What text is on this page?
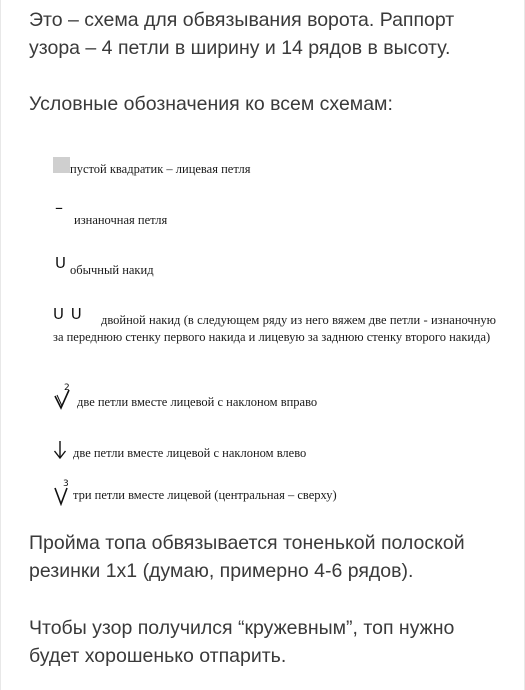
Это – схема для обвязывания ворота. Раппорт
узора – 4 петли в ширину и 14 рядов в высоту.
Условные обозначения ко всем схемам:
пустой квадратик – лицевая петля
–
изнаночная петля
U обычный накид
U U	двойной накид (в следующем ряду из него вяжем две петли - изнаночную за переднюю стенку первого накида и лицевую за заднюю стенку второго накида)
2
две петли вместе лицевой с наклоном вправо
две петли вместе лицевой с наклоном влево
3
три петли вместе лицевой (центральная – сверху)
Пройма топа обвязывается тоненькой полоской
резинки 1х1 (думаю, примерно 4-6 рядов).
Чтобы узор получился “кружевным”, топ нужно
будет хорошенько отпарить.
